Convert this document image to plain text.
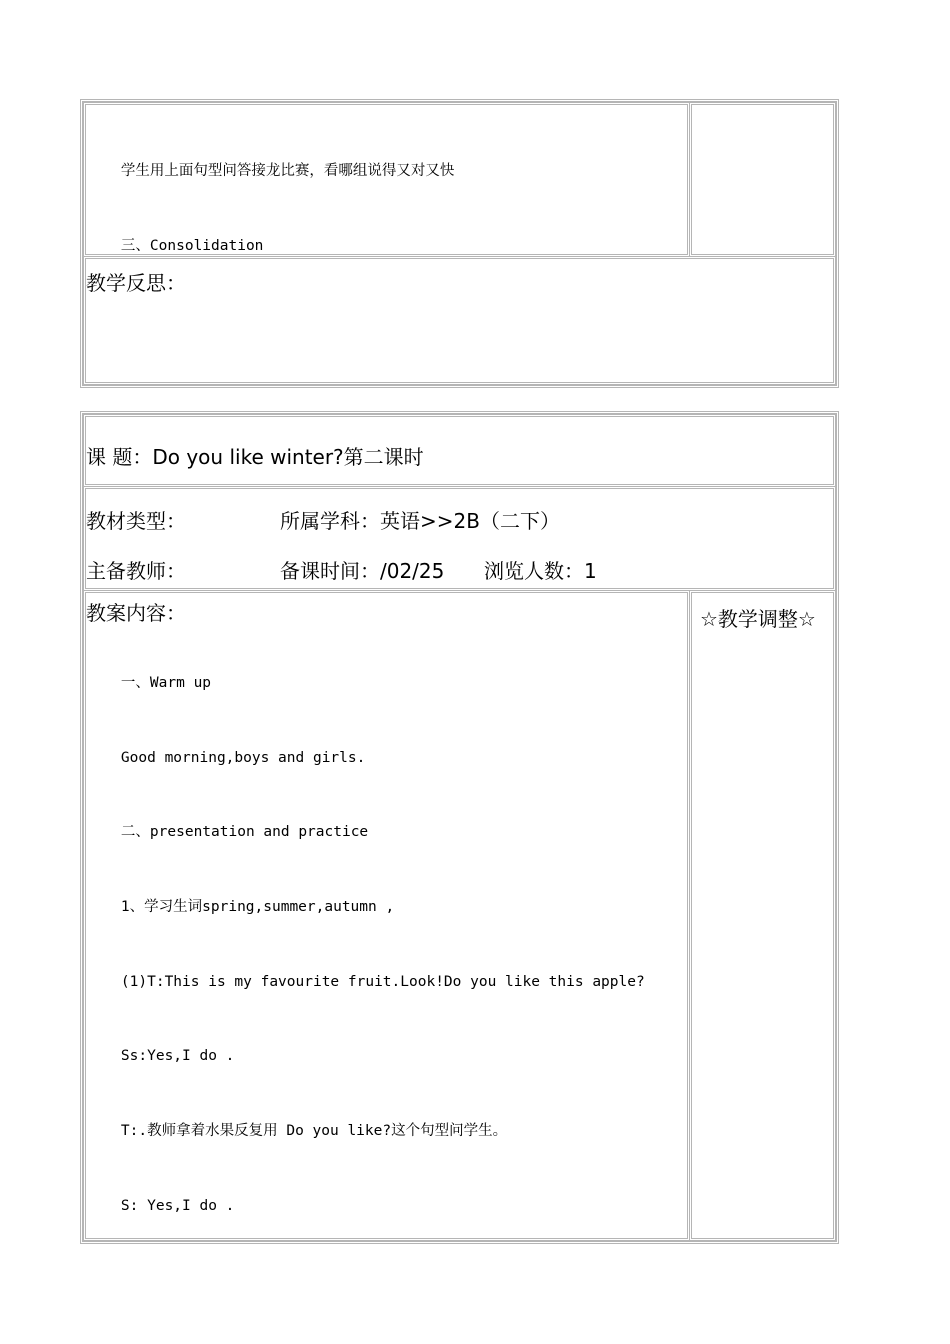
学生用上面句型问答接龙比赛，看哪组说得又对又快

三、Consolidation

教学反思：
课 题：Do you like winter?第二课时
教材类型：	所属学科：英语>>2B（二下）
主备教师：	备课时间：/02/25 浏览人数：1
教案内容：

一、Warm up

Good morning,boys and girls.

二、presentation and practice

1、学习生词spring,summer,autumn ,

(1)T:This is my favourite fruit.Look!Do you like this apple?

Ss:Yes,I do .

T:.教师拿着水果反复用 Do you like?这个句型问学生。

S: Yes,I do .

☆教学调整☆
